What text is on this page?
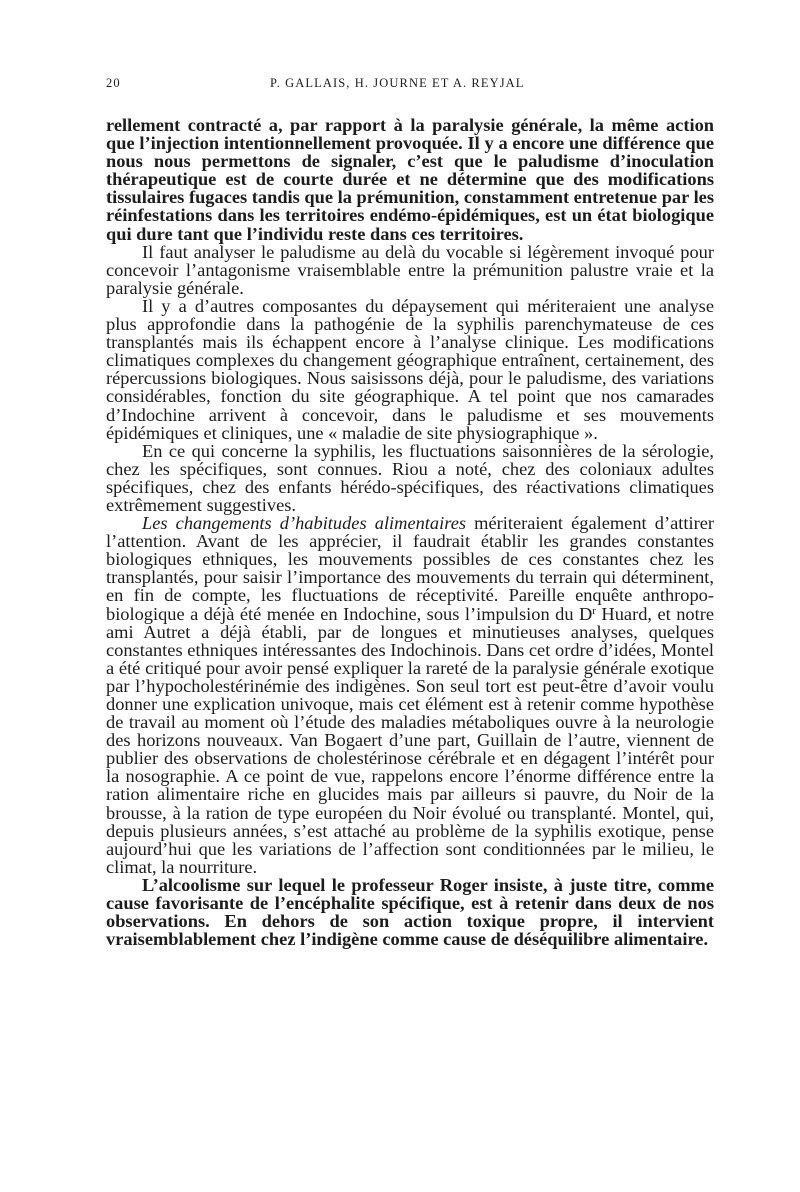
20	P. GALLAIS, H. JOURNE ET A. REYJAL

rellement contracté a, par rapport à la paralysie générale, la même action que l’injection intentionnellement provoquée. Il y a encore une différence que nous nous permettons de signaler, c’est que le paludisme d’inoculation thérapeutique est de courte durée et ne détermine que des modifications tissulaires fugaces tandis que la prémunition, constamment entretenue par les réinfestations dans les territoires endémo-épidémiques, est un état biologique qui dure tant que l’individu reste dans ces territoires.

Il faut analyser le paludisme au delà du vocable si légèrement invoqué pour concevoir l’antagonisme vraisemblable entre la prémunition palustre vraie et la paralysie générale.

Il y a d’autres composantes du dépaysement qui mériteraient une analyse plus approfondie dans la pathogénie de la syphilis parenchymateuse de ces transplantés mais ils échappent encore à l’analyse clinique. Les modifications climatiques complexes du changement géographique entraînent, certainement, des répercussions biologiques. Nous saisissons déjà, pour le paludisme, des variations considérables, fonction du site géographique. A tel point que nos camarades d’Indochine arrivent à concevoir, dans le paludisme et ses mouvements épidémiques et cliniques, une « maladie de site physiographique ».

En ce qui concerne la syphilis, les fluctuations saisonnières de la sérologie, chez les spécifiques, sont connues. Riou a noté, chez des coloniaux adultes spécifiques, chez des enfants hérédo-spécifiques, des réactivations climatiques extrêmement suggestives.

Les changements d’habitudes alimentaires mériteraient également d’attirer l’attention. Avant de les apprécier, il faudrait établir les grandes constantes biologiques ethniques, les mouvements possibles de ces constantes chez les transplantés, pour saisir l’importance des mouvements du terrain qui déterminent, en fin de compte, les fluctuations de réceptivité. Pareille enquête anthropo-biologique a déjà été menée en Indochine, sous l’impulsion du $D^r$ Huard, et notre ami Autret a déjà établi, par de longues et minutieuses analyses, quelques constantes ethniques intéressantes des Indochinois. Dans cet ordre d’idées, Montel a été critiqué pour avoir pensé expliquer la rareté de la paralysie générale exotique par l’hypocholestérinémie des indigènes. Son seul tort est peut-être d’avoir voulu donner une explication univoque, mais cet élément est à retenir comme hypothèse de travail au moment où l’étude des maladies métaboliques ouvre à la neurologie des horizons nouveaux. Van Bogaert d’une part, Guillain de l’autre, viennent de publier des observations de cholestérinose cérébrale et en dégagent l’intérêt pour la nosographie. A ce point de vue, rappelons encore l’énorme différence entre la ration alimentaire riche en glucides mais par ailleurs si pauvre, du Noir de la brousse, à la ration de type européen du Noir évolué ou transplanté. Montel, qui, depuis plusieurs années, s’est attaché au problème de la syphilis exotique, pense aujourd’hui que les variations de l’affection sont conditionnées par le milieu, le climat, la nourriture.

L’alcoolisme sur lequel le professeur Roger insiste, à juste titre, comme cause favorisante de l’encéphalite spécifique, est à retenir dans deux de nos observations. En dehors de son action toxique propre, il intervient vraisemblablement chez l’indigène comme cause de déséquilibre alimentaire.
